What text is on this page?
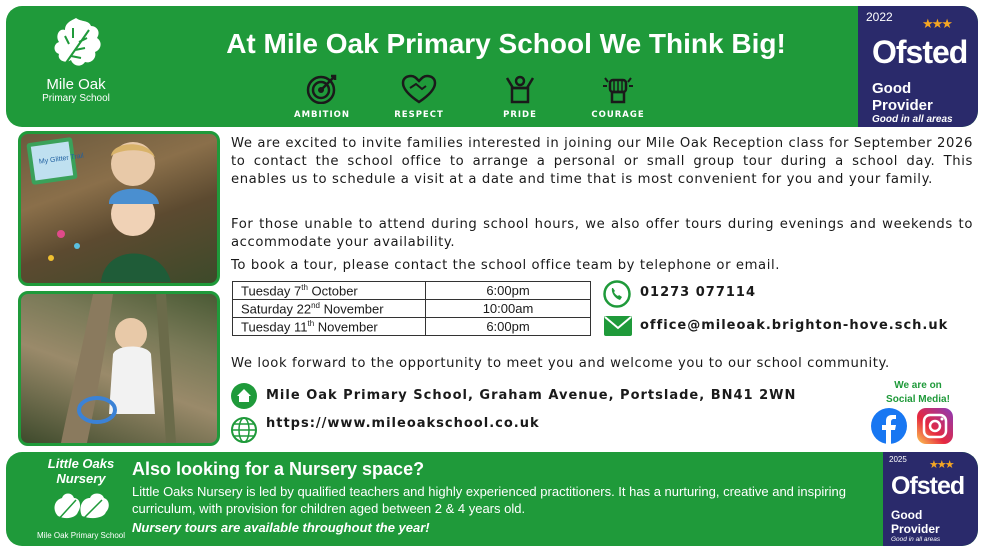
Mile Oak
Primary School
At Mile Oak Primary School We Think Big!
AMBITION	RESPECT	PRIDE	COURAGE
2022 ★★★
Ofsted
Good Provider
Good in all areas
My Glitter Trail

We are excited to invite families interested in joining our Mile Oak Reception class for September 2026 to contact the school office to arrange a personal or small group tour during a school day. This enables us to schedule a visit at a date and time that is most convenient for you and your family.

For those unable to attend during school hours, we also offer tours during evenings and weekends to accommodate your availability.

To book a tour, please contact the school office team by telephone or email.

Tuesday 7th October	6:00pm
Saturday 22nd November	10:00am
Tuesday 11th November	6:00pm
01273 077114
office@mileoak.brighton-hove.sch.uk

We look forward to the opportunity to meet you and welcome you to our school community.

Mile Oak Primary School, Graham Avenue, Portslade, BN41 2WN
https://www.mileoakschool.co.uk
We are on
Social Media!
Little Oaks Nursery
Mile Oak Primary School
Also looking for a Nursery space?

Little Oaks Nursery is led by qualified teachers and highly experienced practitioners. It has a nurturing, creative and inspiring curriculum, with provision for children aged between 2 & 4 years old.

Nursery tours are available throughout the year!
2025 ★★★
Ofsted
Good Provider
Good in all areas
